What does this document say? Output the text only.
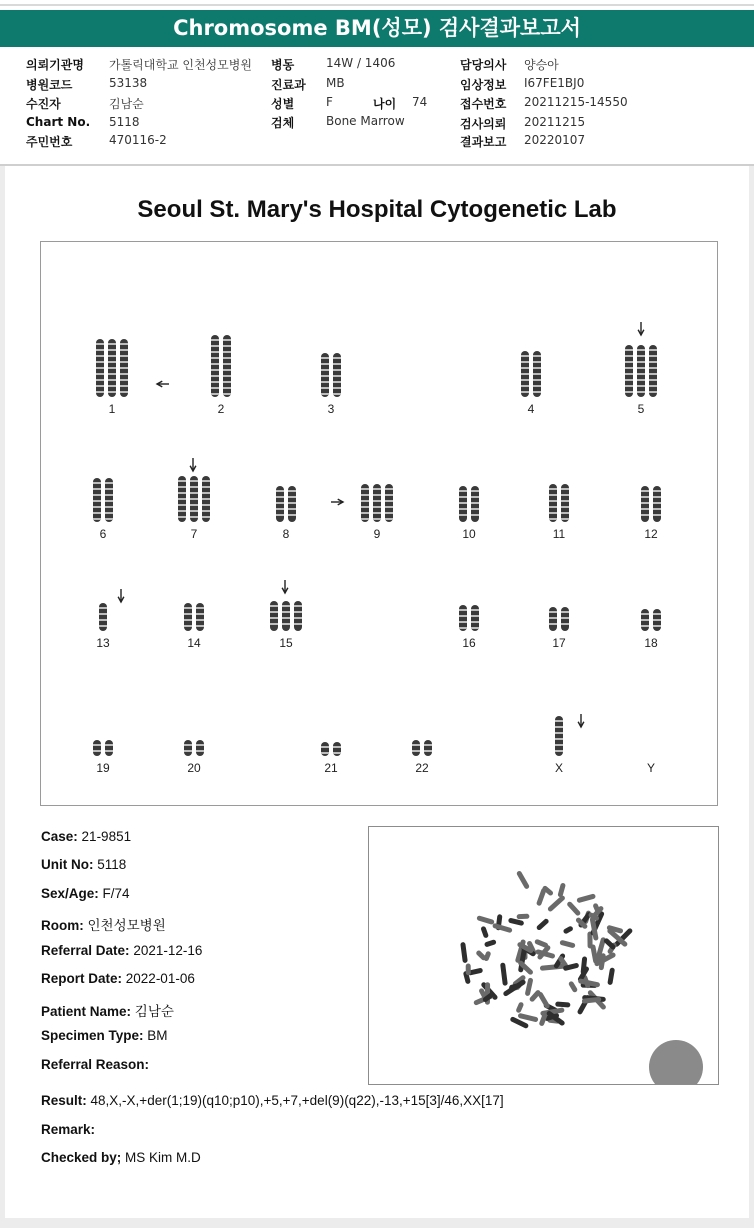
Chromosome BM(성모) 검사결과보고서
의뢰기관명 가톨릭대학교 인천성모병원
병원코드	53138
수진자	김남순
Chart No. 5118
주민번호	470116-2
병동	14W / 1406
진료과 MB
성별	F	나이 74
검체	Bone Marrow
담당의사 양승아
임상정보 I67FE1BJ0
접수번호 20211215-14550
검사의뢰 20211215
결과보고 20220107
Seoul St. Mary's Hospital Cytogenetic Lab
1	2	3	4	5
6	7	8	9	10	11	12
13	14	15	16	17	18
19	20	21	22	X	Y
Case: 21-9851
Unit No: 5118
Sex/Age: F/74
Room: 인천성모병원
Referral Date: 2021-12-16
Report Date: 2022-01-06
Patient Name: 김남순
Specimen Type: BM
Referral Reason:
Result: 48,X,-X,+der(1;19)(q10;p10),+5,+7,+del(9)(q22),-13,+15[3]/46,XX[17]
Remark:
Checked by; MS Kim M.D
